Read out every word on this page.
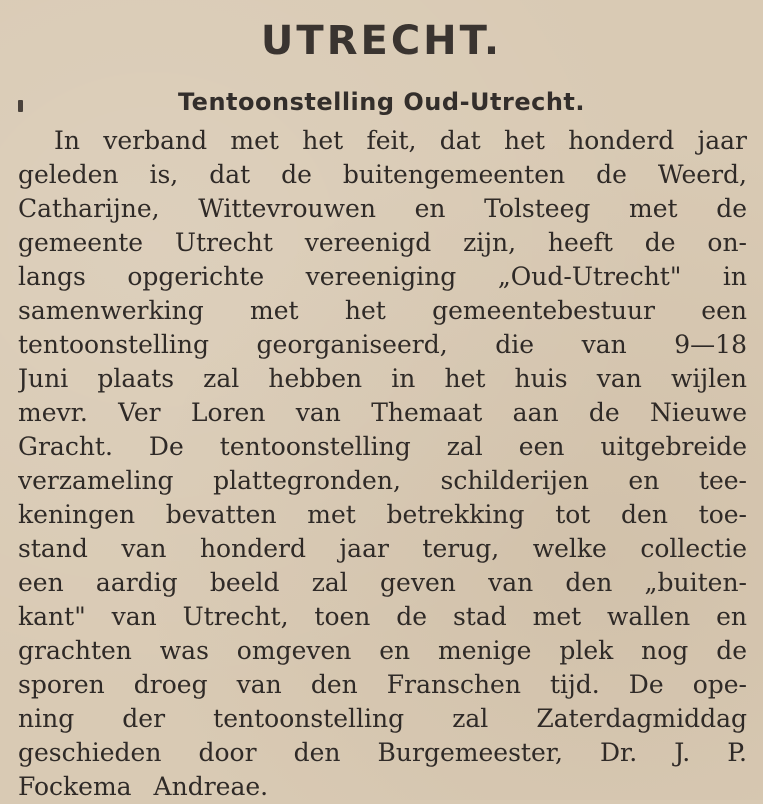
UTRECHT.
Tentoonstelling Oud-Utrecht.
In verband met het feit, dat het honderd jaar
geleden is, dat de buitengemeenten de Weerd,
Catharijne, Wittevrouwen en Tolsteeg met de
gemeente Utrecht vereenigd zijn, heeft de on-
langs opgerichte vereeniging „Oud-Utrecht" in
samenwerking met het gemeentebestuur een
tentoonstelling georganiseerd, die van 9—18
Juni plaats zal hebben in het huis van wijlen
mevr. Ver Loren van Themaat aan de Nieuwe
Gracht. De tentoonstelling zal een uitgebreide
verzameling plattegronden, schilderijen en tee-
keningen bevatten met betrekking tot den toe-
stand van honderd jaar terug, welke collectie
een aardig beeld zal geven van den „buiten-
kant" van Utrecht, toen de stad met wallen en
grachten was omgeven en menige plek nog de
sporen droeg van den Franschen tijd. De ope-
ning der tentoonstelling zal Zaterdagmiddag
geschieden door den Burgemeester, Dr. J. P.
Fockema Andreae.
